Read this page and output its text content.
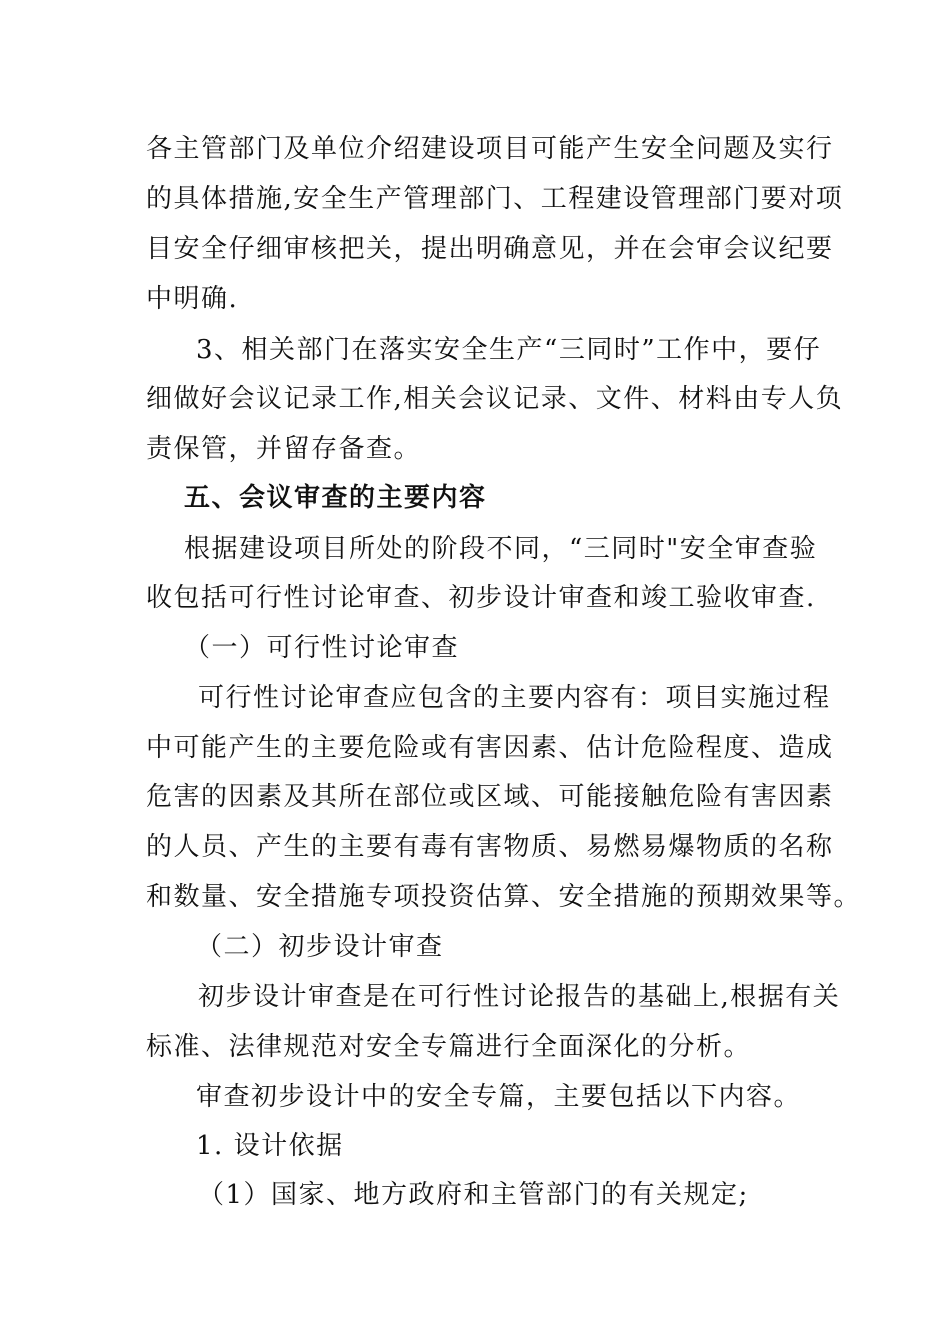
各主管部门及单位介绍建设项目可能产生安全问题及实行
的具体措施,安全生产管理部门、工程建设管理部门要对项
目安全仔细审核把关，提出明确意见，并在会审会议纪要
中明确.
3、相关部门在落实安全生产“三同时”工作中，要仔
细做好会议记录工作,相关会议记录、文件、材料由专人负
责保管，并留存备查。
五、会议审查的主要内容
根据建设项目所处的阶段不同，“三同时"安全审查验
收包括可行性讨论审查、初步设计审查和竣工验收审查.
（一）可行性讨论审查
可行性讨论审查应包含的主要内容有：项目实施过程
中可能产生的主要危险或有害因素、估计危险程度、造成
危害的因素及其所在部位或区域、可能接触危险有害因素
的人员、产生的主要有毒有害物质、易燃易爆物质的名称
和数量、安全措施专项投资估算、安全措施的预期效果等。
（二）初步设计审查
初步设计审查是在可行性讨论报告的基础上,根据有关
标准、法律规范对安全专篇进行全面深化的分析。
审查初步设计中的安全专篇，主要包括以下内容。
1. 设计依据
（1）国家、地方政府和主管部门的有关规定;
